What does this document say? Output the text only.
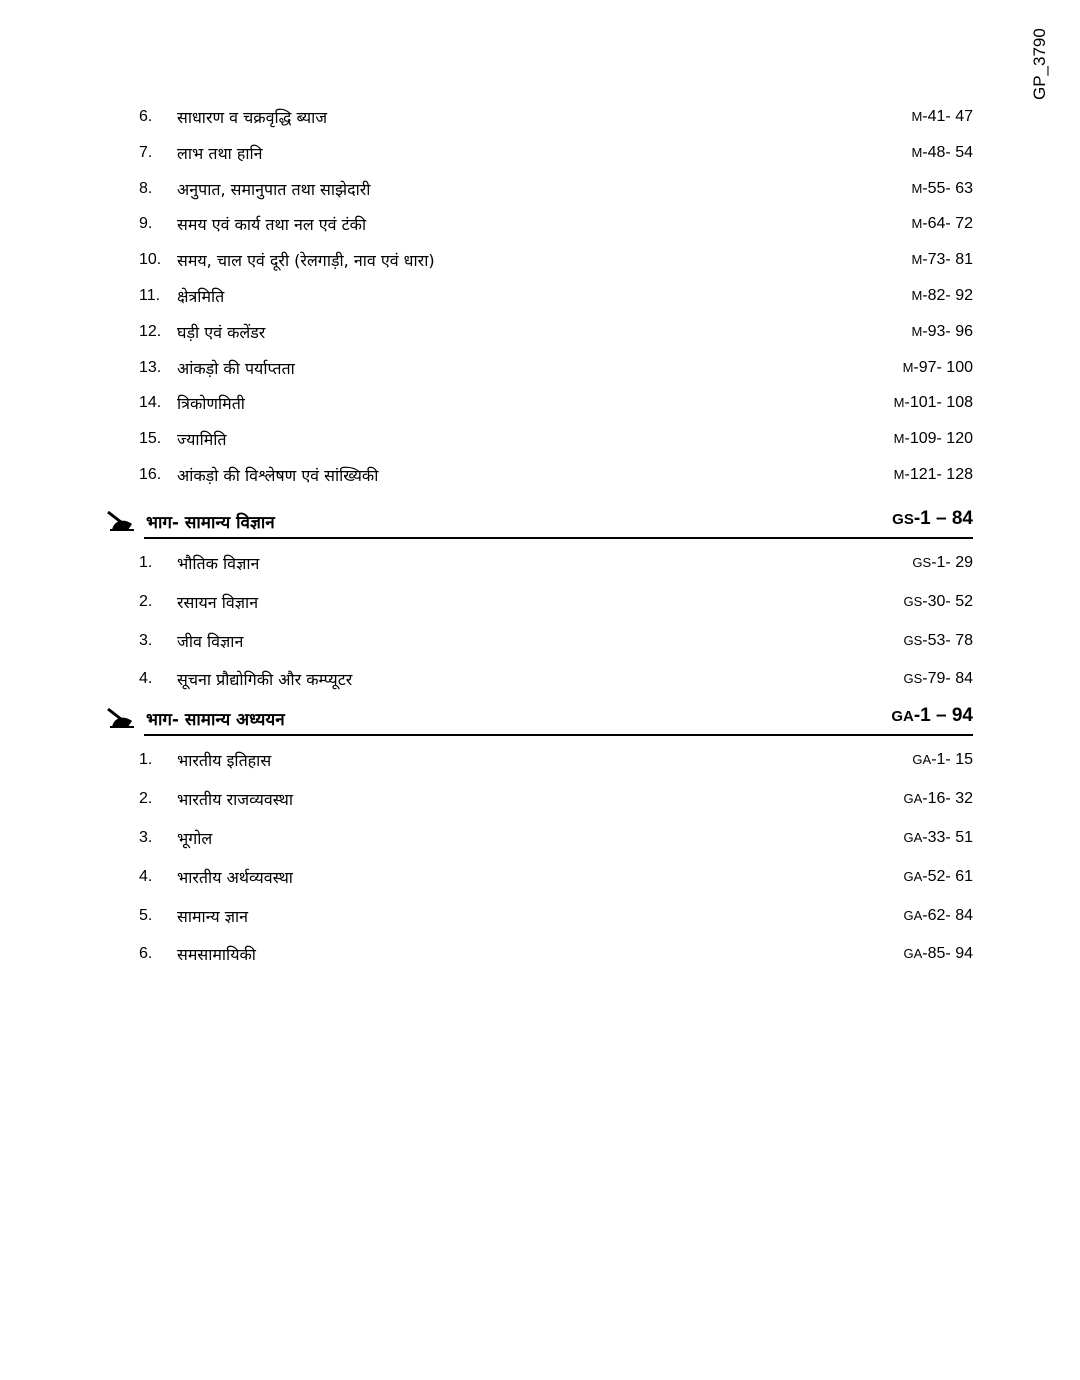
GP_3790
6.	साधारण व चक्रवृद्धि ब्याज	M-41- 47
7.	लाभ तथा हानि	M-48- 54
8.	अनुपात, समानुपात तथा साझेदारी	M-55- 63
9.	समय एवं कार्य तथा नल एवं टंकी	M-64- 72
10. समय, चाल एवं दूरी (रेलगाड़ी, नाव एवं धारा)	M-73- 81
11.	क्षेत्रमिति	M-82- 92
12. घड़ी एवं कलेंडर	M-93- 96
13. आंकड़ो की पर्याप्तता	M-97- 100
14. त्रिकोणमिती	M-101- 108
15. ज्यामिति	M-109- 120
16. आंकड़ो की विश्लेषण एवं सांख्यिकी	M-121- 128
भाग- सामान्य विज्ञान	GS-1 – 84
1.	भौतिक विज्ञान	GS-1- 29
2.	रसायन विज्ञान	GS-30- 52
3.	जीव विज्ञान	GS-53- 78
4.	सूचना प्रौद्योगिकी और कम्प्यूटर	GS-79- 84
भाग- सामान्य अध्ययन	GA-1 – 94
1.	भारतीय इतिहास	GA-1- 15
2.	भारतीय राजव्यवस्था	GA-16- 32
3.	भूगोल	GA-33- 51
4.	भारतीय अर्थव्यवस्था	GA-52- 61
5.	सामान्य ज्ञान	GA-62- 84
6.	समसामायिकी	GA-85- 94
